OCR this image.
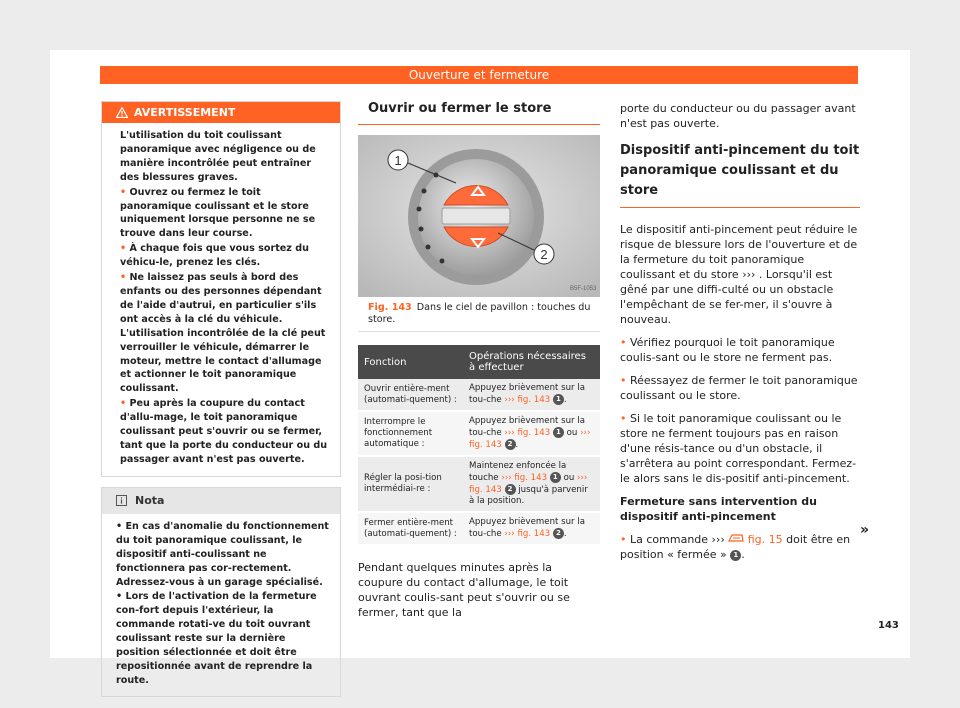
Ouverture et fermeture
AVERTISSEMENT

L'utilisation du toit coulissant panoramique avec négligence ou de manière incontrôlée peut entraîner des blessures graves.

• Ouvrez ou fermez le toit panoramique coulissant et le store uniquement lorsque personne ne se trouve dans leur course.

• À chaque fois que vous sortez du véhicu-le, prenez les clés.

• Ne laissez pas seuls à bord des enfants ou des personnes dépendant de l'aide d'autrui, en particulier s'ils ont accès à la clé du véhicule. L'utilisation incontrôlée de la clé peut verrouiller le véhicule, démarrer le moteur, mettre le contact d'allumage et actionner le toit panoramique coulissant.

• Peu après la coupure du contact d'allu-mage, le toit panoramique coulissant peut s'ouvrir ou se fermer, tant que la porte du conducteur ou du passager avant n'est pas ouverte.

Nota

• En cas d'anomalie du fonctionnement du toit panoramique coulissant, le dispositif anti-coulissant ne fonctionnera pas cor-rectement. Adressez-vous à un garage spécialisé.

• Lors de l'activation de la fermeture con-fort depuis l'extérieur, la commande rotati-ve du toit ouvrant coulissant reste sur la dernière position sélectionnée et doit être repositionnée avant de reprendre la route.

Ouvrir ou fermer le store
1
2
B5F-1053
Fig. 143 Dans le ciel de pavillon : touches du store.
Fonction	Opérations nécessaires à effectuer
Ouvrir entière-ment (automati-quement) :	Appuyez brièvement sur la tou-che ››› fig. 143 1 .
Interrompre le fonctionnement automatique :	Appuyez brièvement sur la tou-che ››› fig. 143 1 ou ››› fig. 143 2 .
Régler la posi-tion intermédiai-re :	Maintenez enfoncée la touche ››› fig. 143 1 ou ››› fig. 143 2 jusqu'à parvenir à la position.
Fermer entière-ment (automati-quement) :	Appuyez brièvement sur la tou-che ››› fig. 143 2 .

Pendant quelques minutes après la coupure du contact d'allumage, le toit ouvrant coulis-sant peut s'ouvrir ou se fermer, tant que la

porte du conducteur ou du passager avant n'est pas ouverte.

Dispositif anti-pincement du toit panoramique coulissant et du store

Le dispositif anti-pincement peut réduire le risque de blessure lors de l'ouverture et de la fermeture du toit panoramique coulissant et du store ››› . Lorsqu'il est gêné par une diffi-culté ou un obstacle l'empêchant de se fer-mer, il s'ouvre à nouveau.

• Vérifiez pourquoi le toit panoramique coulis-sant ou le store ne ferment pas.

• Réessayez de fermer le toit panoramique coulissant ou le store.

• Si le toit panoramique coulissant ou le store ne ferment toujours pas en raison d'une résis-tance ou d'un obstacle, il s'arrêtera au point correspondant. Fermez-le alors sans le dis-positif anti-pincement.

Fermeture sans intervention du dispositif anti-pincement

• La commande ››› fig. 15 doit être en position « fermée » 1 .

»
143
